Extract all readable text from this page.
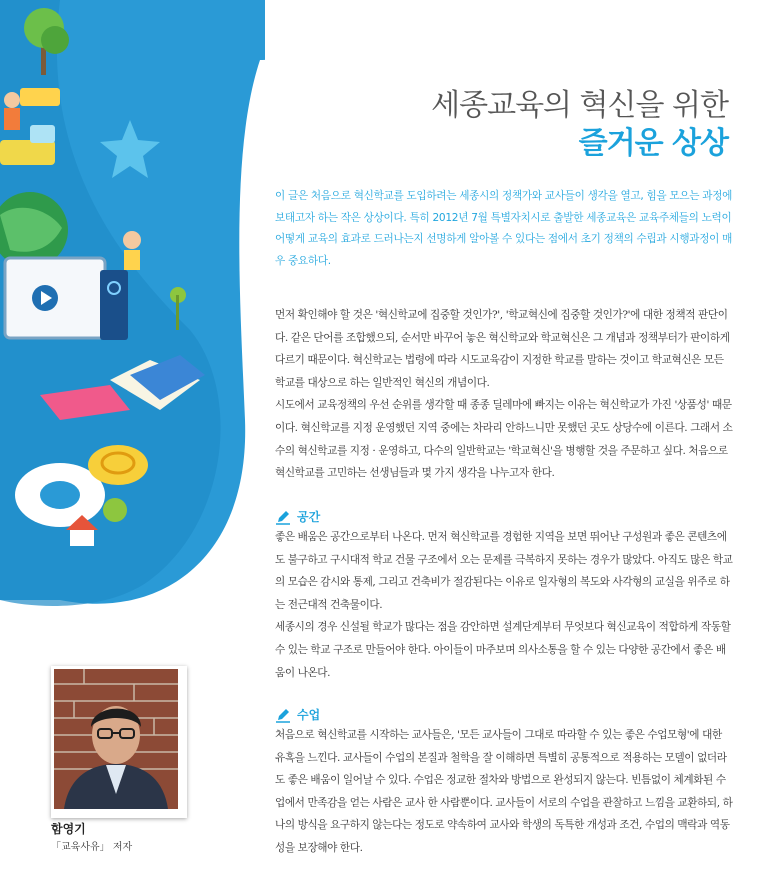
함영기
「교육사유」 저자
세종교육의 혁신을 위한
즐거운 상상
이 글은 처음으로 혁신학교를 도입하려는 세종시의 정책가와 교사들이 생각을 열고, 힘을 모으는 과정에 보태고자 하는 작은 상상이다. 특히 2012년 7월 특별자치시로 출발한 세종교육은 교육주체들의 노력이 어떻게 교육의 효과로 드러나는지 선명하게 알아볼 수 있다는 점에서 초기 정책의 수립과 시행과정이 매우 중요하다.

먼저 확인해야 할 것은 '혁신학교에 집중할 것인가?', '학교혁신에 집중할 것인가?'에 대한 정책적 판단이다. 같은 단어를 조합했으되, 순서만 바꾸어 놓은 혁신학교와 학교혁신은 그 개념과 정책부터가 판이하게 다르기 때문이다. 혁신학교는 법령에 따라 시도교육감이 지정한 학교를 말하는 것이고 학교혁신은 모든 학교를 대상으로 하는 일반적인 혁신의 개념이다.

시도에서 교육정책의 우선 순위를 생각할 때 종종 딜레마에 빠지는 이유는 혁신학교가 가진 '상품성' 때문이다. 혁신학교를 지정 운영했던 지역 중에는 차라리 안하느니만 못했던 곳도 상당수에 이른다. 그래서 소수의 혁신학교를 지정 · 운영하고, 다수의 일반학교는 '학교혁신'을 병행할 것을 주문하고 싶다. 처음으로 혁신학교를 고민하는 선생님들과 몇 가지 생각을 나누고자 한다.

공간

좋은 배움은 공간으로부터 나온다. 먼저 혁신학교를 경험한 지역을 보면 뛰어난 구성원과 좋은 콘텐츠에도 불구하고 구시대적 학교 건물 구조에서 오는 문제를 극복하지 못하는 경우가 많았다. 아직도 많은 학교의 모습은 감시와 통제, 그리고 건축비가 절감된다는 이유로 일자형의 복도와 사각형의 교실을 위주로 하는 전근대적 건축물이다.

세종시의 경우 신설될 학교가 많다는 점을 감안하면 설계단계부터 무엇보다 혁신교육이 적합하게 작동할 수 있는 학교 구조로 만들어야 한다. 아이들이 마주보며 의사소통을 할 수 있는 다양한 공간에서 좋은 배움이 나온다.

수업

처음으로 혁신학교를 시작하는 교사들은, '모든 교사들이 그대로 따라할 수 있는 좋은 수업모형'에 대한 유혹을 느낀다. 교사들이 수업의 본질과 철학을 잘 이해하면 특별히 공통적으로 적용하는 모델이 없더라도 좋은 배움이 일어날 수 있다. 수업은 정교한 절차와 방법으로 완성되지 않는다. 빈틈없이 체계화된 수업에서 만족감을 얻는 사람은 교사 한 사람뿐이다. 교사들이 서로의 수업을 관찰하고 느낌을 교환하되, 하나의 방식을 요구하지 않는다는 정도로 약속하여 교사와 학생의 독특한 개성과 조건, 수업의 맥락과 역동성을 보장해야 한다.
